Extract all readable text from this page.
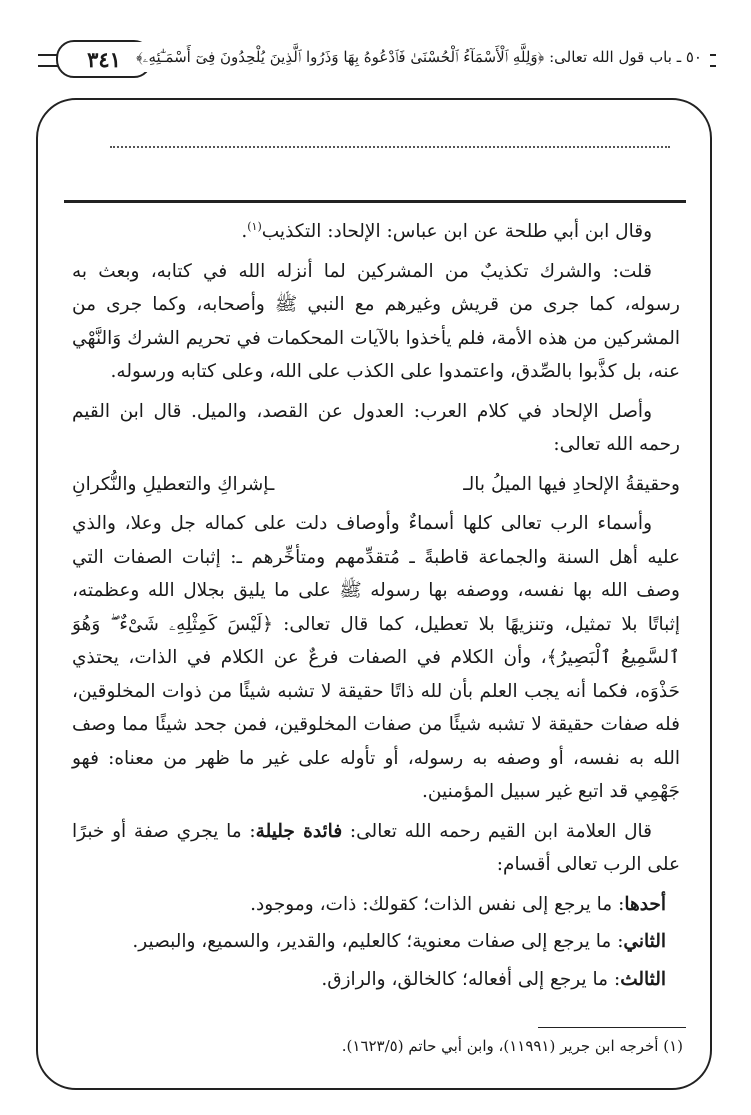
٣٤١	٥٠ ـ باب قول الله تعالى: ﴿وَلِلَّهِ ٱلْأَسْمَآءُ ٱلْحُسْنَىٰ فَٱدْعُوهُ بِهَا وَذَرُوا ٱلَّذِينَ يُلْحِدُونَ فِىٓ أَسْمَـٰٓئِهِۦ﴾

وقال ابن أبي طلحة عن ابن عباس: الإلحاد: التكذيب$^{(١)}$.

قلت: والشرك تكذيبٌ من المشركين لما أنزله الله في كتابه، وبعث به رسوله، كما جرى من قريش وغيرهم مع النبي ﷺ وأصحابه، وكما جرى من المشركين من هذه الأمة، فلم يأخذوا بالآيات المحكمات في تحريم الشرك وَالنَّهْي عنه، بل كذَّبوا بالصِّدق، واعتمدوا على الكذب على الله، وعلى كتابه ورسوله.

وأصل الإلحاد في كلام العرب: العدول عن القصد، والميل. قال ابن القيم رحمه الله تعالى:

وحقيقةُ الإلحادِ فيها الميلُ بالـ
ـإشراكِ والتعطيلِ والنُّكرانِ

وأسماء الرب تعالى كلها أسماءٌ وأوصاف دلت على كماله جل وعلا، والذي عليه أهل السنة والجماعة قاطبةً ـ مُتقدِّمهم ومتأخِّرهم ـ: إثبات الصفات التي وصف الله بها نفسه، ووصفه بها رسوله ﷺ على ما يليق بجلال الله وعظمته، إثباتًا بلا تمثيل، وتنزيهًا بلا تعطيل، كما قال تعالى: ﴿لَيْسَ كَمِثْلِهِۦ شَىْءٌ ۖ وَهُوَ ٱلسَّمِيعُ ٱلْبَصِيرُ﴾، وأن الكلام في الصفات فرعٌ عن الكلام في الذات، يحتذي حَذْوَه، فكما أنه يجب العلم بأن لله ذاتًا حقيقة لا تشبه شيئًا من ذوات المخلوقين، فله صفات حقيقة لا تشبه شيئًا من صفات المخلوقين، فمن جحد شيئًا مما وصف الله به نفسه، أو وصفه به رسوله، أو تأوله على غير ما ظهر من معناه: فهو جَهْمِي قد اتبع غير سبيل المؤمنين.

قال العلامة ابن القيم رحمه الله تعالى: فائدة جليلة: ما يجري صفة أو خبرًا على الرب تعالى أقسام:

أحدها: ما يرجع إلى نفس الذات؛ كقولك: ذات، وموجود.

الثاني: ما يرجع إلى صفات معنوية؛ كالعليم، والقدير، والسميع، والبصير.

الثالث: ما يرجع إلى أفعاله؛ كالخالق، والرازق.

(١) أخرجه ابن جرير (١١٩٩١)، وابن أبي حاتم (١٦٢٣/٥).
